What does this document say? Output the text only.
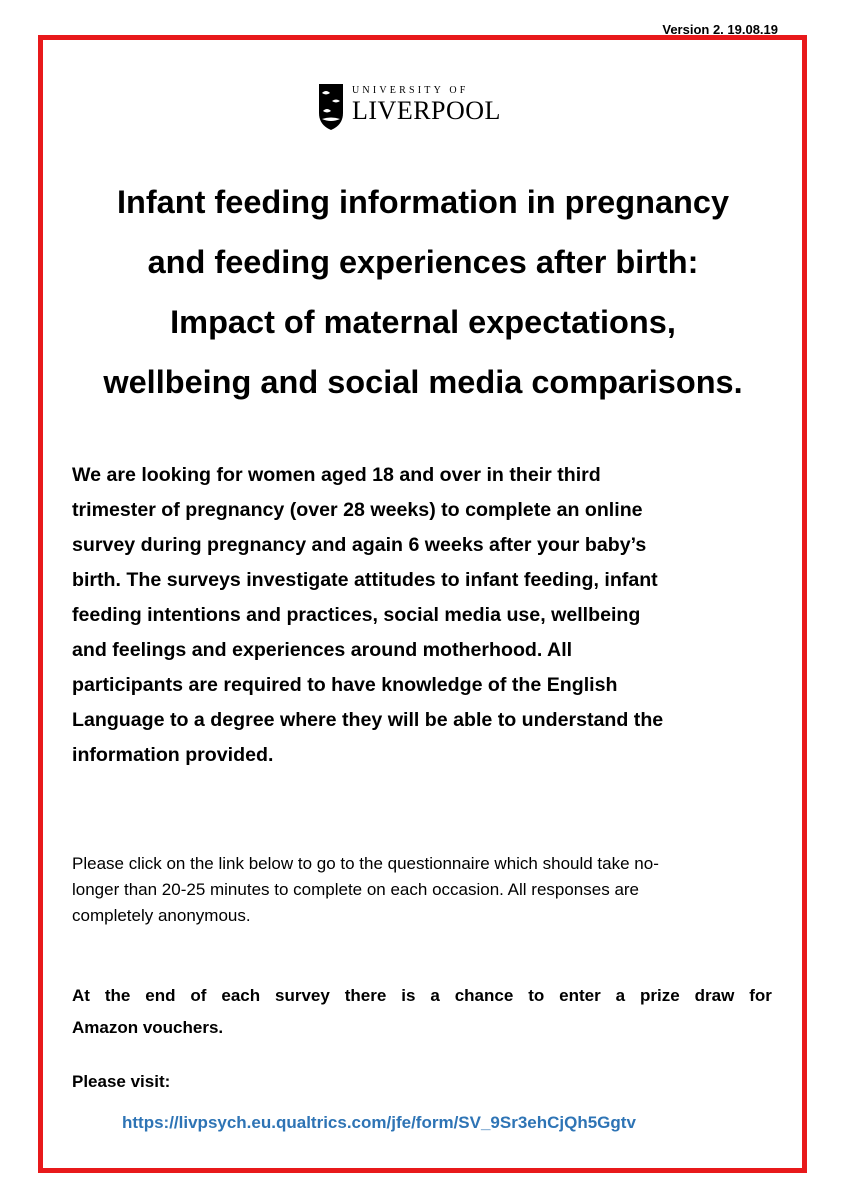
Version 2. 19.08.19
UNIVERSITY OF
LIVERPOOL
Infant feeding information in pregnancy
and feeding experiences after birth:
Impact of maternal expectations,
wellbeing and social media comparisons.
We are looking for women aged 18 and over in their third
trimester of pregnancy (over 28 weeks) to complete an online
survey during pregnancy and again 6 weeks after your baby’s
birth. The surveys investigate attitudes to infant feeding, infant
feeding intentions and practices, social media use, wellbeing
and feelings and experiences around motherhood. All
participants are required to have knowledge of the English
Language to a degree where they will be able to understand the
information provided.
Please click on the link below to go to the questionnaire which should take no-
longer than 20-25 minutes to complete on each occasion. All responses are
completely anonymous.
At the end of each survey there is a chance to enter a prize draw for
Amazon vouchers.
Please visit:
https://livpsych.eu.qualtrics.com/jfe/form/SV_9Sr3ehCjQh5Ggtv
